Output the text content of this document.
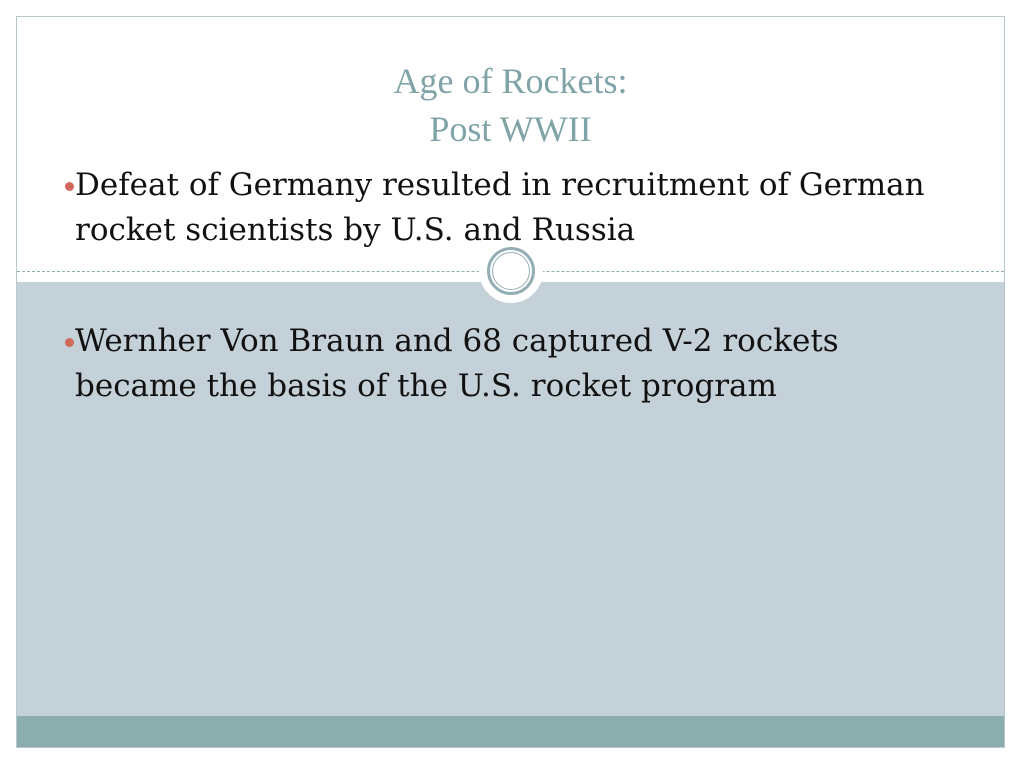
Age of Rockets:
Post WWII
Defeat of Germany resulted in recruitment of German rocket scientists by U.S. and Russia
Wernher Von Braun and 68 captured V-2 rockets became the basis of the U.S. rocket program
